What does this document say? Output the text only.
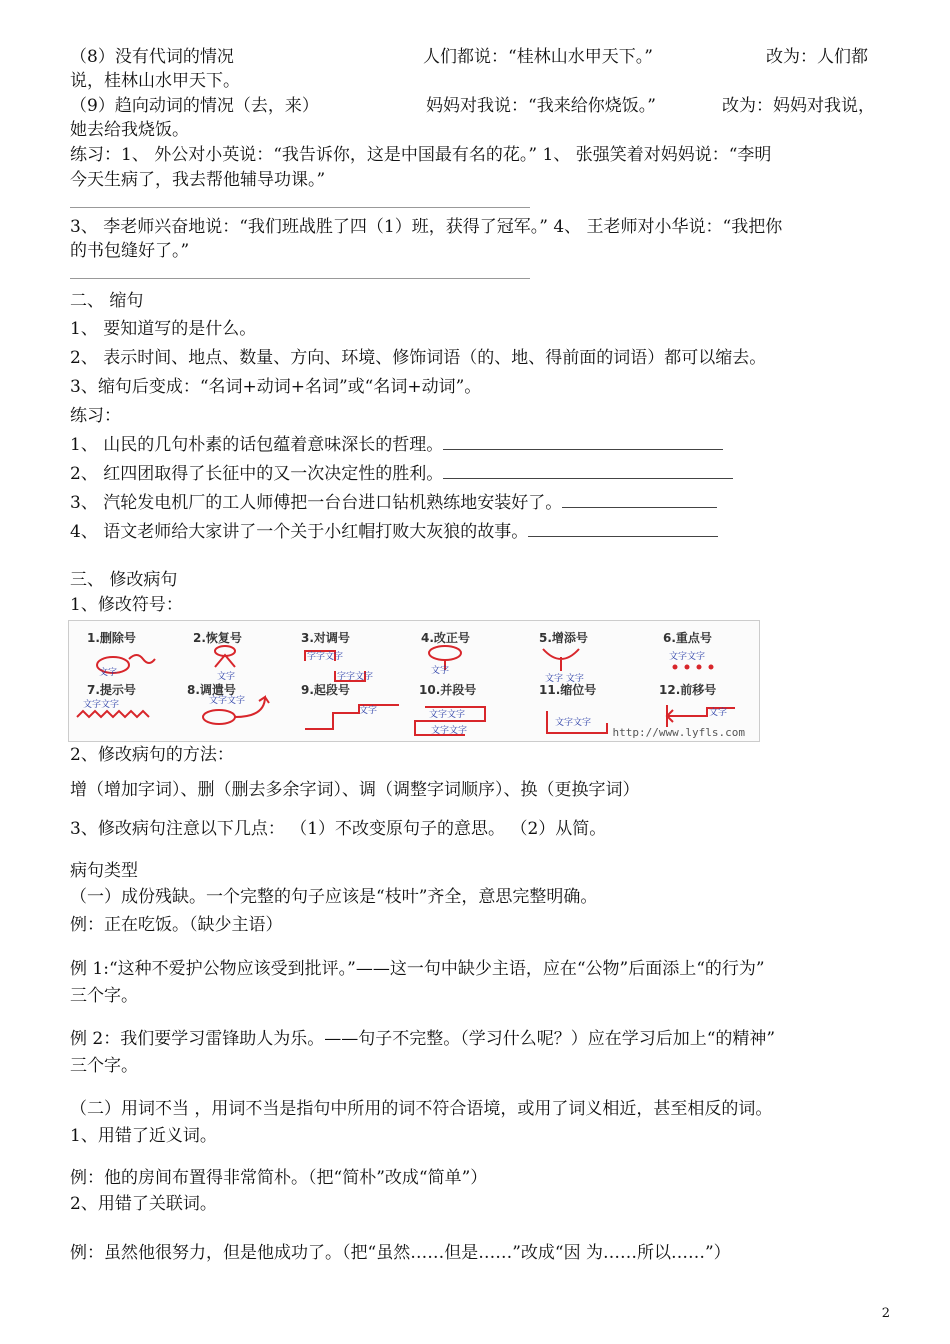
（8）没有代词的情况	人们都说：“桂林山水甲天下。”	改为：人们都
说，桂林山水甲天下。
（9）趋向动词的情况（去，来）	妈妈对我说：“我来给你烧饭。”	改为：妈妈对我说，
她去给我烧饭。
练习：1、 外公对小英说：“我告诉你，这是中国最有名的花。” 1、 张强笑着对妈妈说：“李明
今天生病了，我去帮他辅导功课。”
3、 李老师兴奋地说：“我们班战胜了四（1）班，获得了冠军。” 4、 王老师对小华说：“我把你
的书包缝好了。”
二、 缩句
1、 要知道写的是什么。
2、 表示时间、地点、数量、方向、环境、修饰词语（的、地、得前面的词语）都可以缩去。
3、缩句后变成：“名词+动词+名词”或“名词+动词”。
练习：
1、 山民的几句朴素的话包蕴着意味深长的哲理。
2、 红四团取得了长征中的又一次决定性的胜利。
3、 汽轮发电机厂的工人师傅把一台台进口钻机熟练地安装好了。
4、 语文老师给大家讲了一个关于小红帽打败大灰狼的故事。
三、 修改病句
1、修改符号：
1.删除号	2.恢复号	3.对调号	4.改正号	5.增添号	6.重点号
7.提示号	8.调遣号	9.起段号	10.并段号	11.缩位号	12.前移号
http://www.lyfls.com
文字	文字
字字文字
字字文字
文字
文字 文字
文字文字
文字文字	文字文字
文字	文字文字
文字文字
文字文字
文字
2、修改病句的方法：
增（增加字词）、删（删去多余字词）、调（调整字词顺序）、换（更换字词）
3、修改病句注意以下几点： （1）不改变原句子的意思。 （2）从简。
病句类型
（一）成份残缺。一个完整的句子应该是“枝叶”齐全，意思完整明确。
例：正在吃饭。（缺少主语）
例 1:“这种不爱护公物应该受到批评。”——这一句中缺少主语，应在“公物”后面添上“的行为”
三个字。
例 2：我们要学习雷锋助人为乐。——句子不完整。（学习什么呢？）应在学习后加上“的精神”
三个字。
（二）用词不当 ，用词不当是指句中所用的词不符合语境，或用了词义相近，甚至相反的词。
1、用错了近义词。
例：他的房间布置得非常简朴。（把“简朴”改成“简单”）
2、用错了关联词。
例：虽然他很努力，但是他成功了。（把“虽然……但是……”改成“因 为……所以……”）
2
